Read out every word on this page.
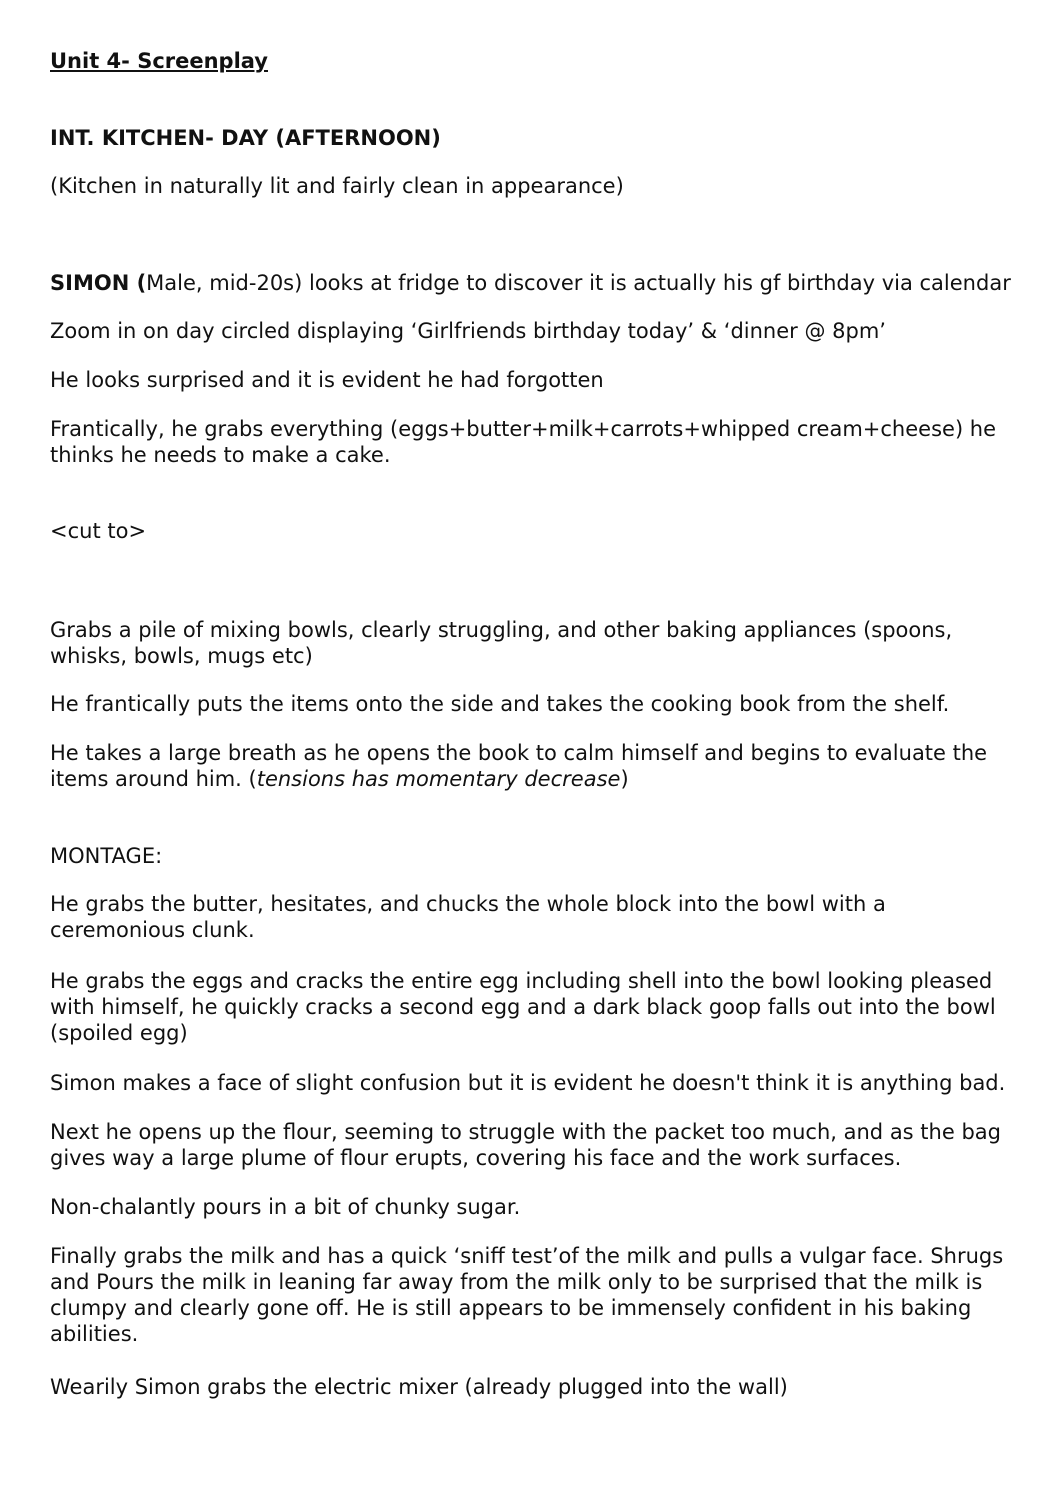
Unit 4- Screenplay

INT. KITCHEN- DAY (AFTERNOON)

(Kitchen in naturally lit and fairly clean in appearance)

SIMON (Male, mid-20s) looks at fridge to discover it is actually his gf birthday via calendar

Zoom in on day circled displaying ‘Girlfriends birthday today’ & ‘dinner @ 8pm’

He looks surprised and it is evident he had forgotten

Frantically, he grabs everything (eggs+butter+milk+carrots+whipped cream+cheese) he thinks he needs to make a cake.

<cut to>

Grabs a pile of mixing bowls, clearly struggling, and other baking appliances (spoons, whisks, bowls, mugs etc)

He frantically puts the items onto the side and takes the cooking book from the shelf.

He takes a large breath as he opens the book to calm himself and begins to evaluate the items around him. (tensions has momentary decrease)

MONTAGE:

He grabs the butter, hesitates, and chucks the whole block into the bowl with a ceremonious clunk.

He grabs the eggs and cracks the entire egg including shell into the bowl looking pleased with himself, he quickly cracks a second egg and a dark black goop falls out into the bowl (spoiled egg)

Simon makes a face of slight confusion but it is evident he doesn't think it is anything bad.

Next he opens up the flour, seeming to struggle with the packet too much, and as the bag gives way a large plume of flour erupts, covering his face and the work surfaces.

Non-chalantly pours in a bit of chunky sugar.

Finally grabs the milk and has a quick ‘sniff test’of the milk and pulls a vulgar face. Shrugs and Pours the milk in leaning far away from the milk only to be surprised that the milk is clumpy and clearly gone off. He is still appears to be immensely confident in his baking abilities.

Wearily Simon grabs the electric mixer (already plugged into the wall)
